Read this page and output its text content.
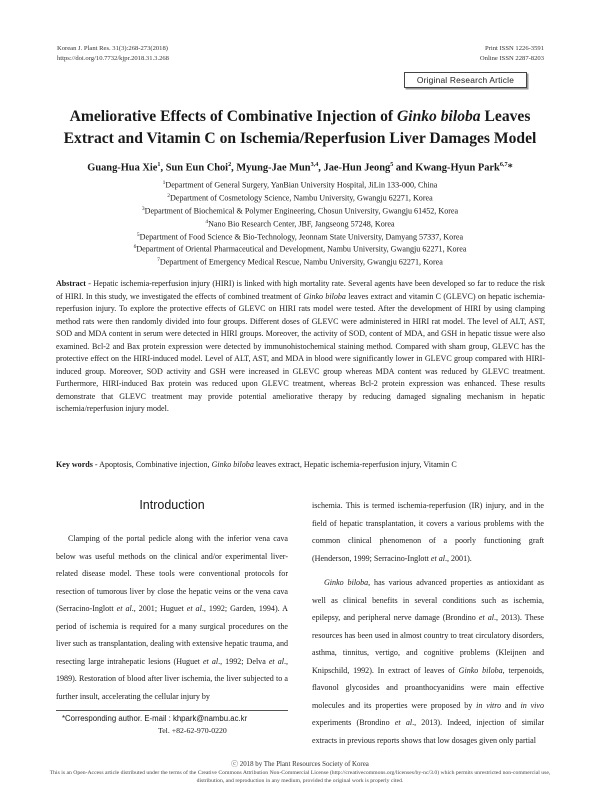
Korean J. Plant Res. 31(3):268-273(2018)
https://doi.org/10.7732/kjpr.2018.31.3.268
Print ISSN 1226-3591
Online ISSN 2287-8203
Original Research Article
Ameliorative Effects of Combinative Injection of Ginko biloba Leaves
Extract and Vitamin C on Ischemia/Reperfusion Liver Damages Model
Guang-Hua Xie$^1$, Sun Eun Choi$^2$, Myung-Jae Mun$^{3,4}$, Jae-Hun Jeong$^5$ and Kwang-Hyun Park$^{6,7}$*
$^1$Department of General Surgery, YanBian University Hospital, JiLin 133-000, China
$^2$Department of Cosmetology Science, Nambu University, Gwangju 62271, Korea
$^3$Department of Biochemical & Polymer Engineering, Chosun University, Gwangju 61452, Korea
$^4$Nano Bio Research Center, JBF, Jangseong 57248, Korea
$^5$Department of Food Science & Bio-Technology, Jeonnam State University, Damyang 57337, Korea
$^6$Department of Oriental Pharmaceutical and Development, Nambu University, Gwangju 62271, Korea
$^7$Department of Emergency Medical Rescue, Nambu University, Gwangju 62271, Korea
Abstract - Hepatic ischemia-reperfusion injury (HIRI) is linked with high mortality rate. Several agents have been developed so far to reduce the risk of HIRI. In this study, we investigated the effects of combined treatment of Ginko biloba leaves extract and vitamin C (GLEVC) on hepatic ischemia-reperfusion injury. To explore the protective effects of GLEVC on HIRI rats model were tested. After the development of HIRI by using clamping method rats were then randomly divided into four groups. Different doses of GLEVC were administered in HIRI rat model. The level of ALT, AST, SOD and MDA content in serum were detected in HIRI groups. Moreover, the activity of SOD, content of MDA, and GSH in hepatic tissue were also examined. Bcl-2 and Bax protein expression were detected by immunohistochemical staining method. Compared with sham group, GLEVC has the protective effect on the HIRI-induced model. Level of ALT, AST, and MDA in blood were significantly lower in GLEVC group compared with HIRI-induced group. Moreover, SOD activity and GSH were increased in GLEVC group whereas MDA content was reduced by GLEVC treatment. Furthermore, HIRI-induced Bax protein was reduced upon GLEVC treatment, whereas Bcl-2 protein expression was enhanced. These results demonstrate that GLEVC treatment may provide potential ameliorative therapy by reducing damaged signaling mechanism in hepatic ischemia/reperfusion injury model.
Key words - Apoptosis, Combinative injection, Ginko biloba leaves extract, Hepatic ischemia-reperfusion injury, Vitamin C
Introduction

Clamping of the portal pedicle along with the inferior vena cava below was useful methods on the clinical and/or experimental liver-related disease model. These tools were conventional protocols for resection of tumorous liver by close the hepatic veins or the vena cava (Serracino-Inglott et al., 2001; Huguet et al., 1992; Garden, 1994). A period of ischemia is required for a many surgical procedures on the liver such as transplantation, dealing with extensive hepatic trauma, and resecting large intrahepatic lesions (Huguet et al., 1992; Delva et al., 1989). Restoration of blood after liver ischemia, the liver subjected to a further insult, accelerating the cellular injury by

ischemia. This is termed ischemia-reperfusion (IR) injury, and in the field of hepatic transplantation, it covers a various problems with the common clinical phenomenon of a poorly functioning graft (Henderson, 1999; Serracino-Inglott et al., 2001).

Ginko biloba, has various advanced properties as antioxidant as well as clinical benefits in several conditions such as ischemia, epilepsy, and peripheral nerve damage (Brondino et al., 2013). These resources has been used in almost country to treat circulatory disorders, asthma, tinnitus, vertigo, and cognitive problems (Kleijnen and Knipschild, 1992). In extract of leaves of Ginko biloba, terpenoids, flavonol glycosides and proanthocyanidins were main effective molecules and its properties were proposed by in vitro and in vivo experiments (Brondino et al., 2013). Indeed, injection of similar extracts in previous reports shows that low dosages given only partial

*Corresponding author. E-mail : khpark@nambu.ac.kr
Tel. +82-62-970-0220
ⓒ 2018 by The Plant Resources Society of Korea
This is an Open-Access article distributed under the terms of the Creative Commons Attribution Non-Commercial License (http://creativecommons.org/licenses/by-nc/3.0) which permits unrestricted non-commercial use, distribution, and reproduction in any medium, provided the original work is properly cited.
